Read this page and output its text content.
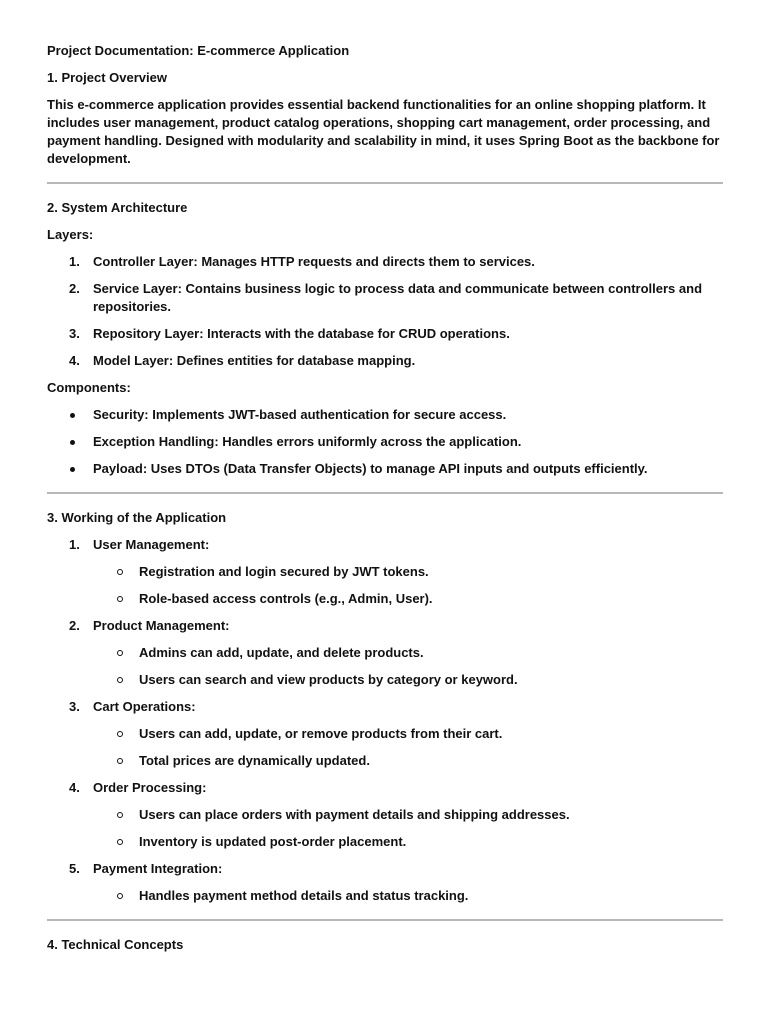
Project Documentation: E-commerce Application

1. Project Overview

This e-commerce application provides essential backend functionalities for an online shopping platform. It includes user management, product catalog operations, shopping cart management, order processing, and payment handling. Designed with modularity and scalability in mind, it uses Spring Boot as the backbone for development.

2. System Architecture

Layers:

1. Controller Layer: Manages HTTP requests and directs them to services.
2. Service Layer: Contains business logic to process data and communicate between controllers and repositories.
3. Repository Layer: Interacts with the database for CRUD operations.
4. Model Layer: Defines entities for database mapping.

Components:

Security: Implements JWT-based authentication for secure access.
Exception Handling: Handles errors uniformly across the application.
Payload: Uses DTOs (Data Transfer Objects) to manage API inputs and outputs efficiently.

3. Working of the Application

1. User Management:
Registration and login secured by JWT tokens.
Role-based access controls (e.g., Admin, User).
2. Product Management:
Admins can add, update, and delete products.
Users can search and view products by category or keyword.
3. Cart Operations:
Users can add, update, or remove products from their cart.
Total prices are dynamically updated.
4. Order Processing:
Users can place orders with payment details and shipping addresses.
Inventory is updated post-order placement.
5. Payment Integration:
Handles payment method details and status tracking.

4. Technical Concepts
